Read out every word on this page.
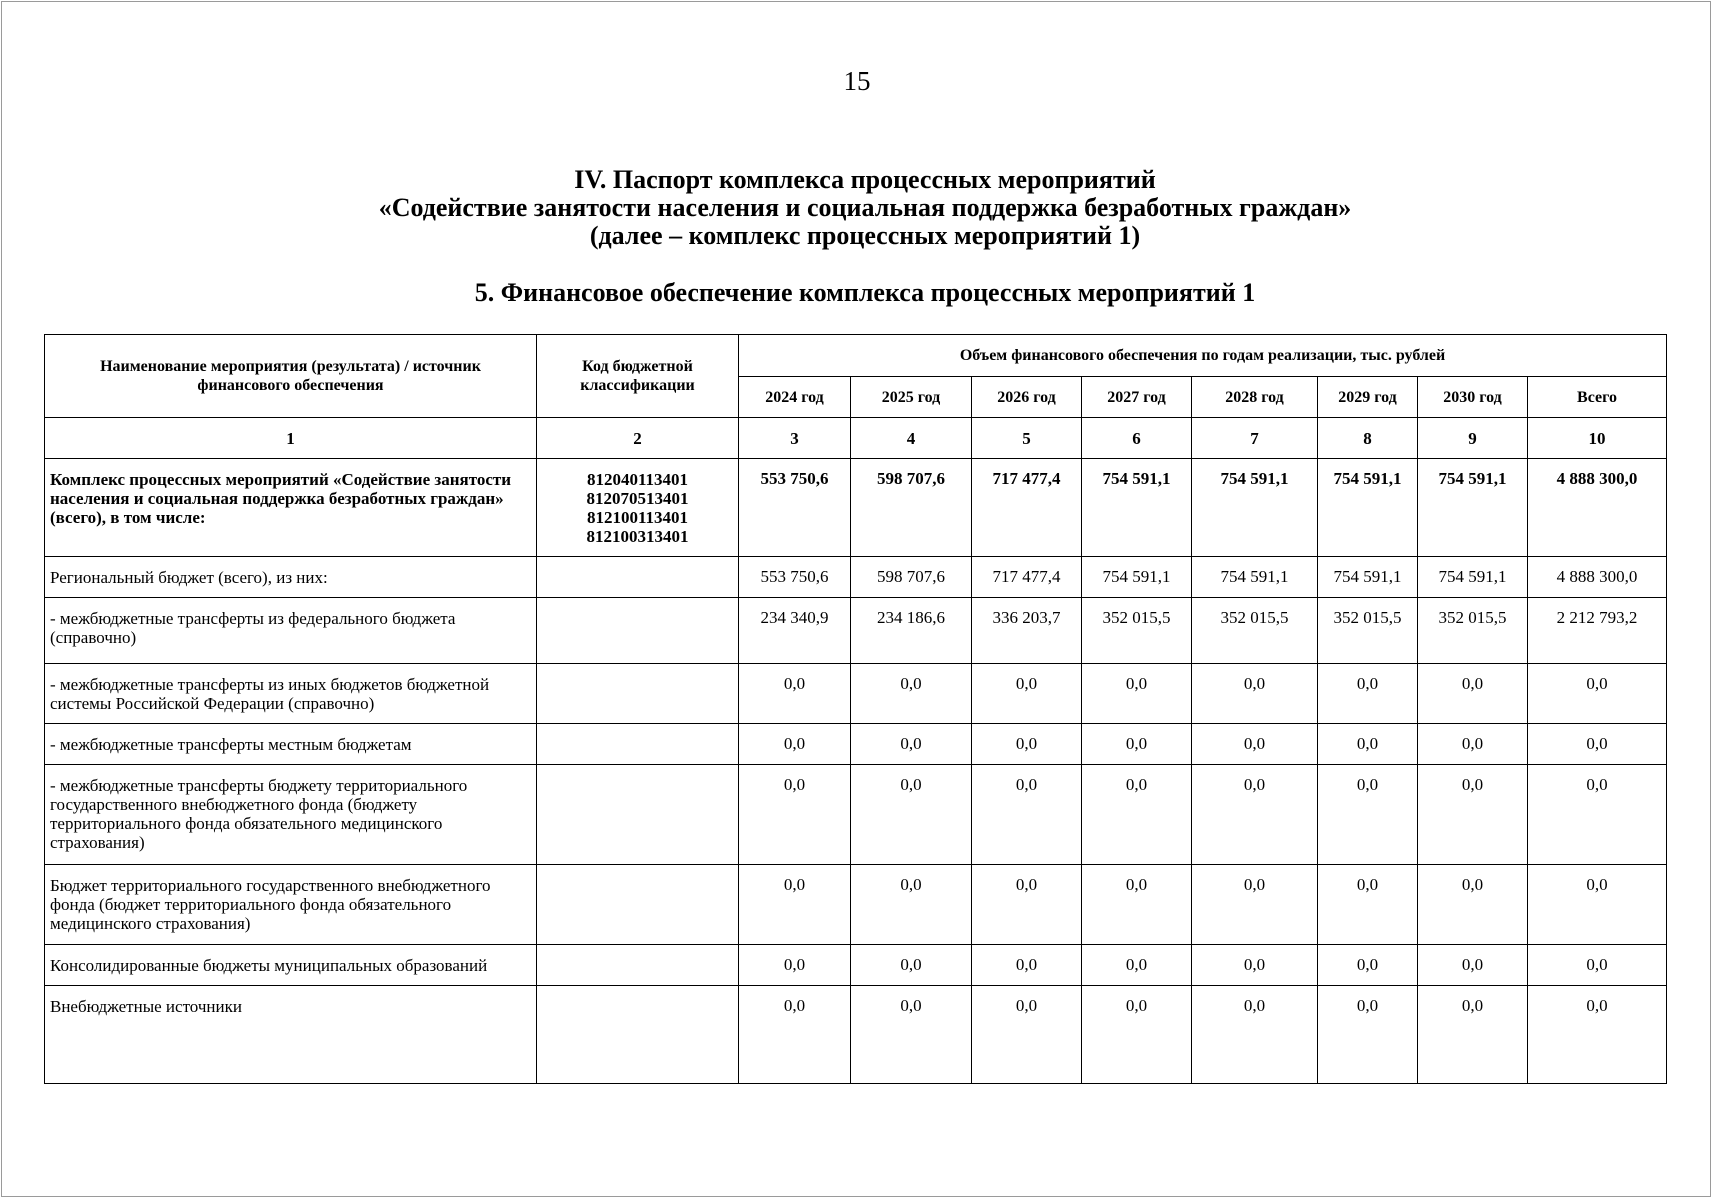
15
IV. Паспорт комплекса процессных мероприятий
«Содействие занятости населения и социальная поддержка безработных граждан»
(далее – комплекс процессных мероприятий 1)
5. Финансовое обеспечение комплекса процессных мероприятий 1
Наименование мероприятия (результата) / источник финансового обеспечения	Код бюджетной классификации	Объем финансового обеспечения по годам реализации, тыс. рублей							
		2024 год	2025 год	2026 год	2027 год	2028 год	2029 год	2030 год	Всего
1	2	3	4	5	6	7	8	9	10
Комплекс процессных мероприятий «Содействие занятости населения и социальная поддержка безработных граждан» (всего), в том числе:	812040113401
812070513401
812100113401
812100313401	553 750,6	598 707,6	717 477,4	754 591,1	754 591,1	754 591,1	754 591,1	4 888 300,0
Региональный бюджет (всего), из них:		553 750,6	598 707,6	717 477,4	754 591,1	754 591,1	754 591,1	754 591,1	4 888 300,0
- межбюджетные трансферты из федерального бюджета (справочно)		234 340,9	234 186,6	336 203,7	352 015,5	352 015,5	352 015,5	352 015,5	2 212 793,2
- межбюджетные трансферты из иных бюджетов бюджетной системы Российской Федерации (справочно)		0,0	0,0	0,0	0,0	0,0	0,0	0,0	0,0
- межбюджетные трансферты местным бюджетам		0,0	0,0	0,0	0,0	0,0	0,0	0,0	0,0
- межбюджетные трансферты бюджету территориального государственного внебюджетного фонда (бюджету территориального фонда обязательного медицинского страхования)		0,0	0,0	0,0	0,0	0,0	0,0	0,0	0,0
Бюджет территориального государственного внебюджетного фонда (бюджет территориального фонда обязательного медицинского страхования)		0,0	0,0	0,0	0,0	0,0	0,0	0,0	0,0
Консолидированные бюджеты муниципальных образований		0,0	0,0	0,0	0,0	0,0	0,0	0,0	0,0
Внебюджетные источники		0,0	0,0	0,0	0,0	0,0	0,0	0,0	0,0
